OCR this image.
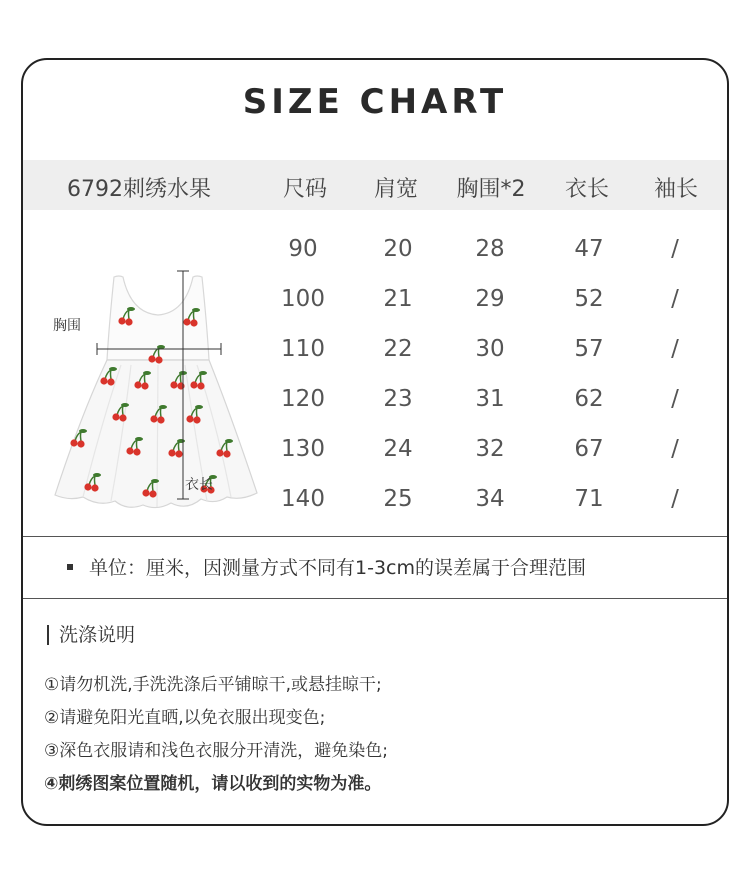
SIZE CHART
6792刺绣水果	尺码 肩宽 胸围*2 衣长 袖长
90	20	28	47	/
100	21	29	52	/
110	22	30	57	/
120	23	31	62	/
130	24	32	67	/
140	25	34	71	/
胸围
衣长
单位：厘米，因测量方式不同有1-3cm的误差属于合理范围
洗涤说明
①请勿机洗,手洗洗涤后平铺晾干,或悬挂晾干;
②请避免阳光直晒,以免衣服出现变色;
③深色衣服请和浅色衣服分开清洗，避免染色;
④刺绣图案位置随机，请以收到的实物为准。
